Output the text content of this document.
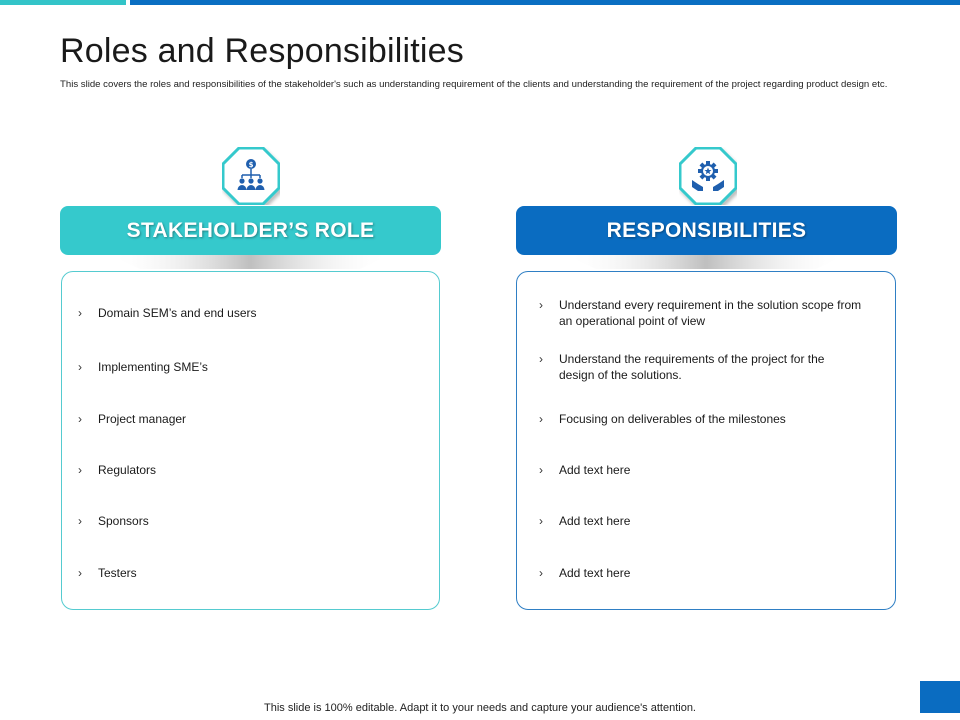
Roles and Responsibilities
This slide covers the roles and responsibilities of the stakeholder's such as understanding requirement of the clients and understanding the requirement of the project regarding product design etc.
$
STAKEHOLDER’S ROLE	RESPONSIBILITIES
› Domain SEM’s and end users
› Implementing SME’s
› Project manager
› Regulators
› Sponsors
› Testers
› Understand every requirement in the solution scope from an operational point of view
› Understand the requirements of the project for the design of the solutions.
› Focusing on deliverables of the milestones
› Add text here
› Add text here
› Add text here
This slide is 100% editable. Adapt it to your needs and capture your audience's attention.
